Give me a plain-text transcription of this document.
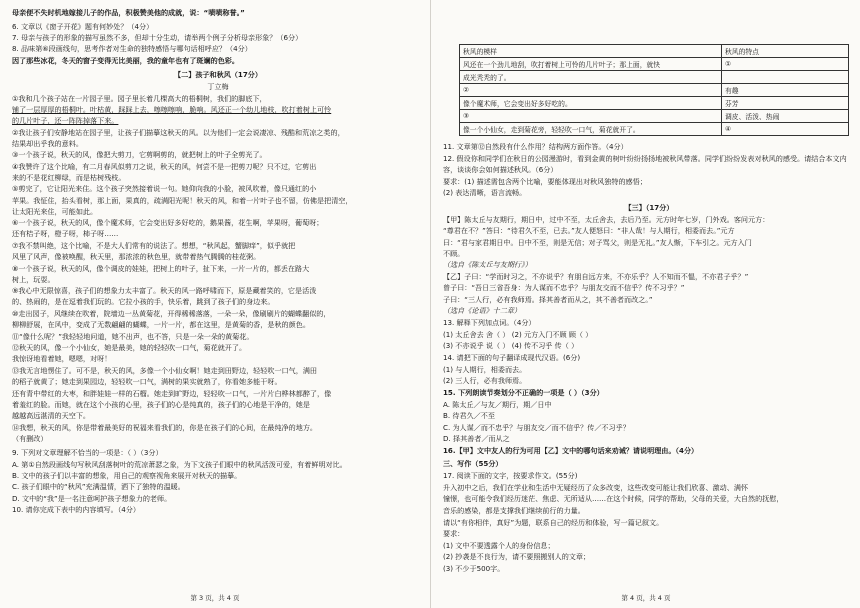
母亲便不失时机地嫁接儿子的作品，积极赞美他的成就，说：“啧啧称誉。”
6. 文章以《窗子开花》题有何妙处？（4分）
7. 母亲与孩子的形象的描写虽然不多，但却十分生动，请举两个例子分析母亲形象？（6分）
8. 品味第⑥段画线句，思考作者对生命的独特感悟与哪句话相呼应？（4分）
因了那些冰花，冬天的窗子变得无比美丽，我的童年也有了斑斓的色彩。
【二】孩子和秋风（17分）
丁立梅
①我和几个孩子站在一片园子里。园子里长着几棵高大的梧桐树，我们的脚底下，
铺了一层厚厚的梧桐叶。叶枯黄，踩踩上去，嚓嚓嚓响，脆响。风还正一个幼儿地枝，吹打着树上可怜
的几片叶子，还一阵阵掉落下来。
②我让孩子们安静地站在园子里，让孩子们描摹这秋天的风。以为他们一定会说凄凉、残酷和荒凉之类的，
结果却出乎我的意料。
③一个孩子说，秋天的风，像把大剪刀，它剪啊剪的，就把树上的叶子全剪光了。
④我赞许了这个比喻，有二月春风似剪刀之说，秋天的风，何尝不是一把剪刀呢？只不过，它剪出
来的不是花红柳绿，而是枯树残枝。
⑤剪完了，它让阳光来住。这个孩子突然接着说一句。她仰向我的小脸，被风吹着，像只通红的小
苹果。我怔住，抬头看树，那上面，果真的，疏满阳光呢！秋天的风，和着一片叶子也不留，仿佛是把清空，
让太阳光来住，可能如此。
⑥一个孩子说，秋天的风，像个魔术师，它会变出好多好吃的，鹅果酱，花生啊，苹果呀，葡萄呀；
还有桔子呀，橙子呀，柿子呀……
⑦我不禁叫绝，这个比喻，不是大人们常有的说法了。想想，“秋风起，蟹脚痒”，似乎就把
风里了风声，像被唤醒，秋天里，那浓浓的秋色里，就带着热气腾腾的桂花粥。
⑧一个孩子说，秋天的风，像个调皮的娃娃，把树上的叶子，扯下来，一片一片的，都丢在路大
树上，玩耍。
⑨我心中无限惊喜，孩子们的想象力太丰富了。秋天的风一路呼啸而下，原是藏着笑的，它是活泼
的、热闹的，是在逗着我们玩的。它拉小孩的手，快乐着，跳到了孩子们的身边来。
⑩走出园子，风继续在吹着，院墙边一丛黄菊花，开得稀稀落落，一朵一朵，像刷刷片的蝴蝶翻似的，
柳柳舒展，在风中，变成了无数翩翩的蝴蝶，一片一片，都在这里，是黄菊的香，是秋的颜色。
⑪“像什么呢？”我轻轻地问道，她不出声，也不答，只是一朵一朵的黄菊花。
⑫秋天的风，像一个小仙女，她是最美，她的轻轻吹一口气，菊花就开了。
我惊讶地看着她，嗯嗯，对呀！
⑬我无言地愣住了。可不是，秋天的风，多像一个小仙女啊！她走到田野边，轻轻吹一口气，满田
的稻子就黄了；她走到果园边，轻轻吹一口气，满树的果实就熟了，你看她多能干呀。
还有青中带红的大枣，和胖娃娃一样的石榴。她走到旷野边，轻轻吹一口气，一片片白桦林都醉了，像
着羞红的脸。而她，就在这个小孩的心里，孩子们的心是纯真的，孩子们的心地是干净的，她是
越越高远湛清的天空下。
⑭我想，秋天的风，你是带着最美好的祝福来看我们的，你是在孩子们的心间，在最纯净的地方。
（有删改）
9. 下列对文章理解不恰当的一项是：（ ）（3分）
A. 第①自然段画线句写秋风刮落树叶的荒凉萧瑟之象，为下文孩子们眼中的秋风活泼可爱，有着鲜明对比。
B. 文中的孩子们以丰富的想象，用自己的观察视角来展开对秋天的描摹。
C. 孩子们眼中的“秋风”充满温情，洒下了独特的温暖。
D. 文中的“我”是一名注意呵护孩子想象力的老师。
10. 请你完成下表中的内容填写。（4分）
第 3 页，共 4 页
秋风的模样	秋风的特点
风还在一个劲儿地刮，吹打着树上可怜的几片叶子；那上面，就快	①
成光秃秃的了。	
②	有趣
像个魔术师，它会变出好多好吃的。	芬芳
③	调皮、活泼、热闹
像一个小仙女，走到菊花旁，轻轻吹一口气，菊花就开了。	④
11. 文章第⑫自然段有什么作用？结构两方面作答。（4分）
12. 假设你和同学们在秋日的公园漫游时，看到金黄的树叶纷纷扬扬地被秋风带落。同学们纷纷发表对秋风的感受。请结合本文内
容，谈谈你会如何描述秋风。（6分）
要求：(1) 描述需包含两个比喻，要能体现出对秋风独特的感悟；
(2) 表达清晰，语言流畅。
【三】（17分）
【甲】陈太丘与友期行，期日中，过中不至，太丘舍去，去后乃至。元方时年七岁，门外戏。客问元方：
“尊君在不？”答曰：“待君久不至，已去。”友人便怒曰：“非人哉！与人期行，相委而去。”元方
曰：“君与家君期日中。日中不至，则是无信；对子骂父，则是无礼。”友人惭，下车引之。元方入门
不顾。
（选自《陈太丘与友期行》）
【乙】子曰：“学而时习之，不亦说乎？有朋自远方来，不亦乐乎？人不知而不愠，不亦君子乎？”
曾子曰：“吾日三省吾身：为人谋而不忠乎？与朋友交而不信乎？传不习乎？”
子曰：“三人行，必有我师焉。择其善者而从之，其不善者而改之。”
（选自《论语》十二章）
13. 解释下列加点词。（4分）
(1) 太丘舍去 舍（ ） (2) 元方入门不顾 顾（ ）
(3) 不亦说乎 说（ ） (4) 传不习乎 传（ ）
14. 请把下面的句子翻译成现代汉语。(6分)
(1) 与人期行，相委而去。
(2) 三人行，必有我师焉。
15. 下列朗读节奏划分不正确的一项是（ ）（3分）
A. 陈太丘／与友／期行，期／日中
B. 待君久／不至
C. 为人谋／而不忠乎？与朋友交／而不信乎？传／不习乎？
D. 择其善者／而从之
16.【甲】文中友人的行为可用【乙】文中的哪句话来劝诫？请说明理由。（4分）
三、写作（55分）
17. 阅读下面的文字，按要求作文。(55分)
升入初中之后，我们在学业和生活中无疑经历了众多改变，这些改变可能让我们欣喜、激动、满怀
憧憬，也可能令我们经历迷茫、焦虑、无所适从……在这个时候，同学的帮助，父母的关爱，大自然的抚慰，
音乐的感染，都是支撑我们继续前行的力量。
请以“有你相伴，真好”为题，联系自己的经历和体验，写一篇记叙文。
要求：
(1) 文中不要透露个人的身份信息；
(2) 抄袭是不良行为，请不要照搬别人的文章；
(3) 不少于500字。
第 4 页，共 4 页
